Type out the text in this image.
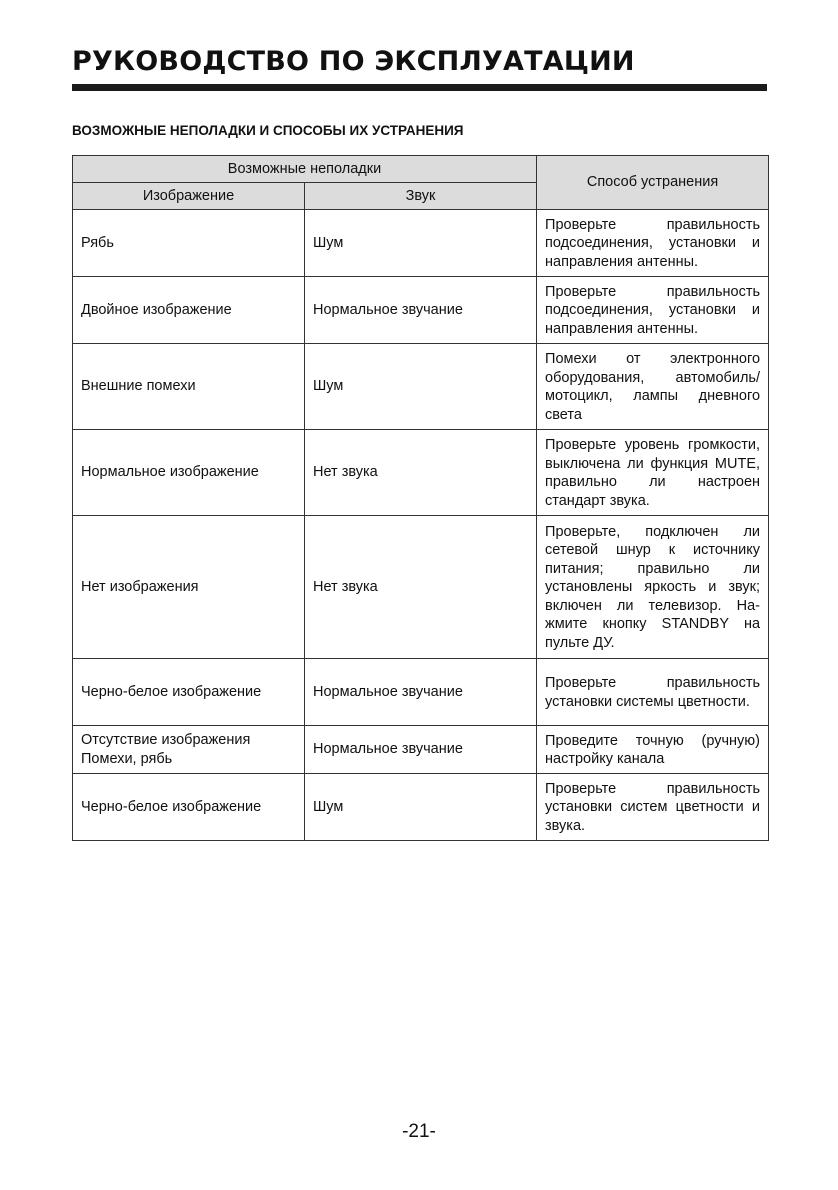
РУКОВОДСТВО ПО ЭКСПЛУАТАЦИИ
ВОЗМОЖНЫЕ НЕПОЛАДКИ И СПОСОБЫ ИХ УСТРАНЕНИЯ
Возможные неполадки		Способ устранения
Изображение	Звук	
Рябь	Шум	Проверьте правильность подсоединения, установки и направления антенны.
Двойное изображение	Нормальное звучание	Проверьте правильность подсоединения, установки и направления антенны.
Внешние помехи	Шум	Помехи от электронного оборудования, автомобиль/ мотоцикл, лампы дневного света
Нормальное изображение	Нет звука	Проверьте уровень громкости, выключена ли функция MUTE, правильно ли настроен стандарт звука.
Нет изображения	Нет звука	Проверьте, подключен ли сетевой шнур к источнику питания; правильно ли установлены яркость и звук; включен ли телевизор. Нажмите кнопку STANDBY на пульте ДУ.
Черно-белое изображение	Нормальное звучание	Проверьте правильность установки системы цветности.
Отсутствие изображения
Помехи, рябь	Нормальное звучание	Проведите точную (ручную) настройку канала
Черно-белое изображение	Шум	Проверьте правильность установки систем цветности и звука.
-21-
